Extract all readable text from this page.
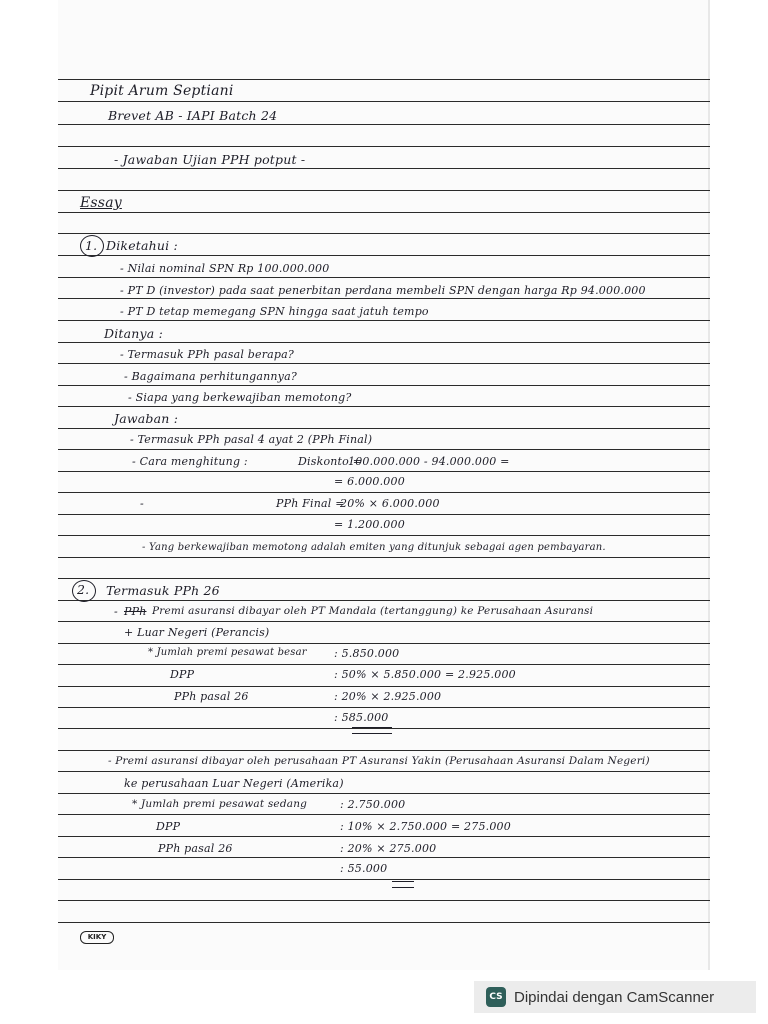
Pipit Arum Septiani
Brevet AB - IAPI Batch 24
- Jawaban Ujian PPH potput -
Essay
1. Diketahui :
- Nilai nominal SPN Rp 100.000.000
- PT D (investor) pada saat penerbitan perdana membeli SPN dengan harga Rp 94.000.000
- PT D tetap memegang SPN hingga saat jatuh tempo
Ditanya :
- Termasuk PPh pasal berapa?
- Bagaimana perhitungannya?
- Siapa yang berkewajiban memotong?
Jawaban :
- Termasuk PPh pasal 4 ayat 2 (PPh Final)
- Cara menghitung :	Diskonto =
100.000.000 - 94.000.000 =
= 6.000.000
-	PPh Final =
20% × 6.000.000
= 1.200.000
- Yang berkewajiban memotong adalah emiten yang ditunjuk sebagai agen pembayaran.
2. Termasuk PPh 26
- PPh Premi asuransi dibayar oleh PT Mandala (tertanggung) ke Perusahaan Asuransi
+ Luar Negeri (Perancis)
* Jumlah premi pesawat besar : 5.850.000
DPP	: 50% × 5.850.000 = 2.925.000
PPh pasal 26	: 20% × 2.925.000
: 585.000
- Premi asuransi dibayar oleh perusahaan PT Asuransi Yakin (Perusahaan Asuransi Dalam Negeri)
ke perusahaan Luar Negeri (Amerika)
* Jumlah premi pesawat sedang	: 2.750.000
DPP	: 10% × 2.750.000 = 275.000
PPh pasal 26	: 20% × 275.000
: 55.000
KIKY
CS Dipindai dengan CamScanner
